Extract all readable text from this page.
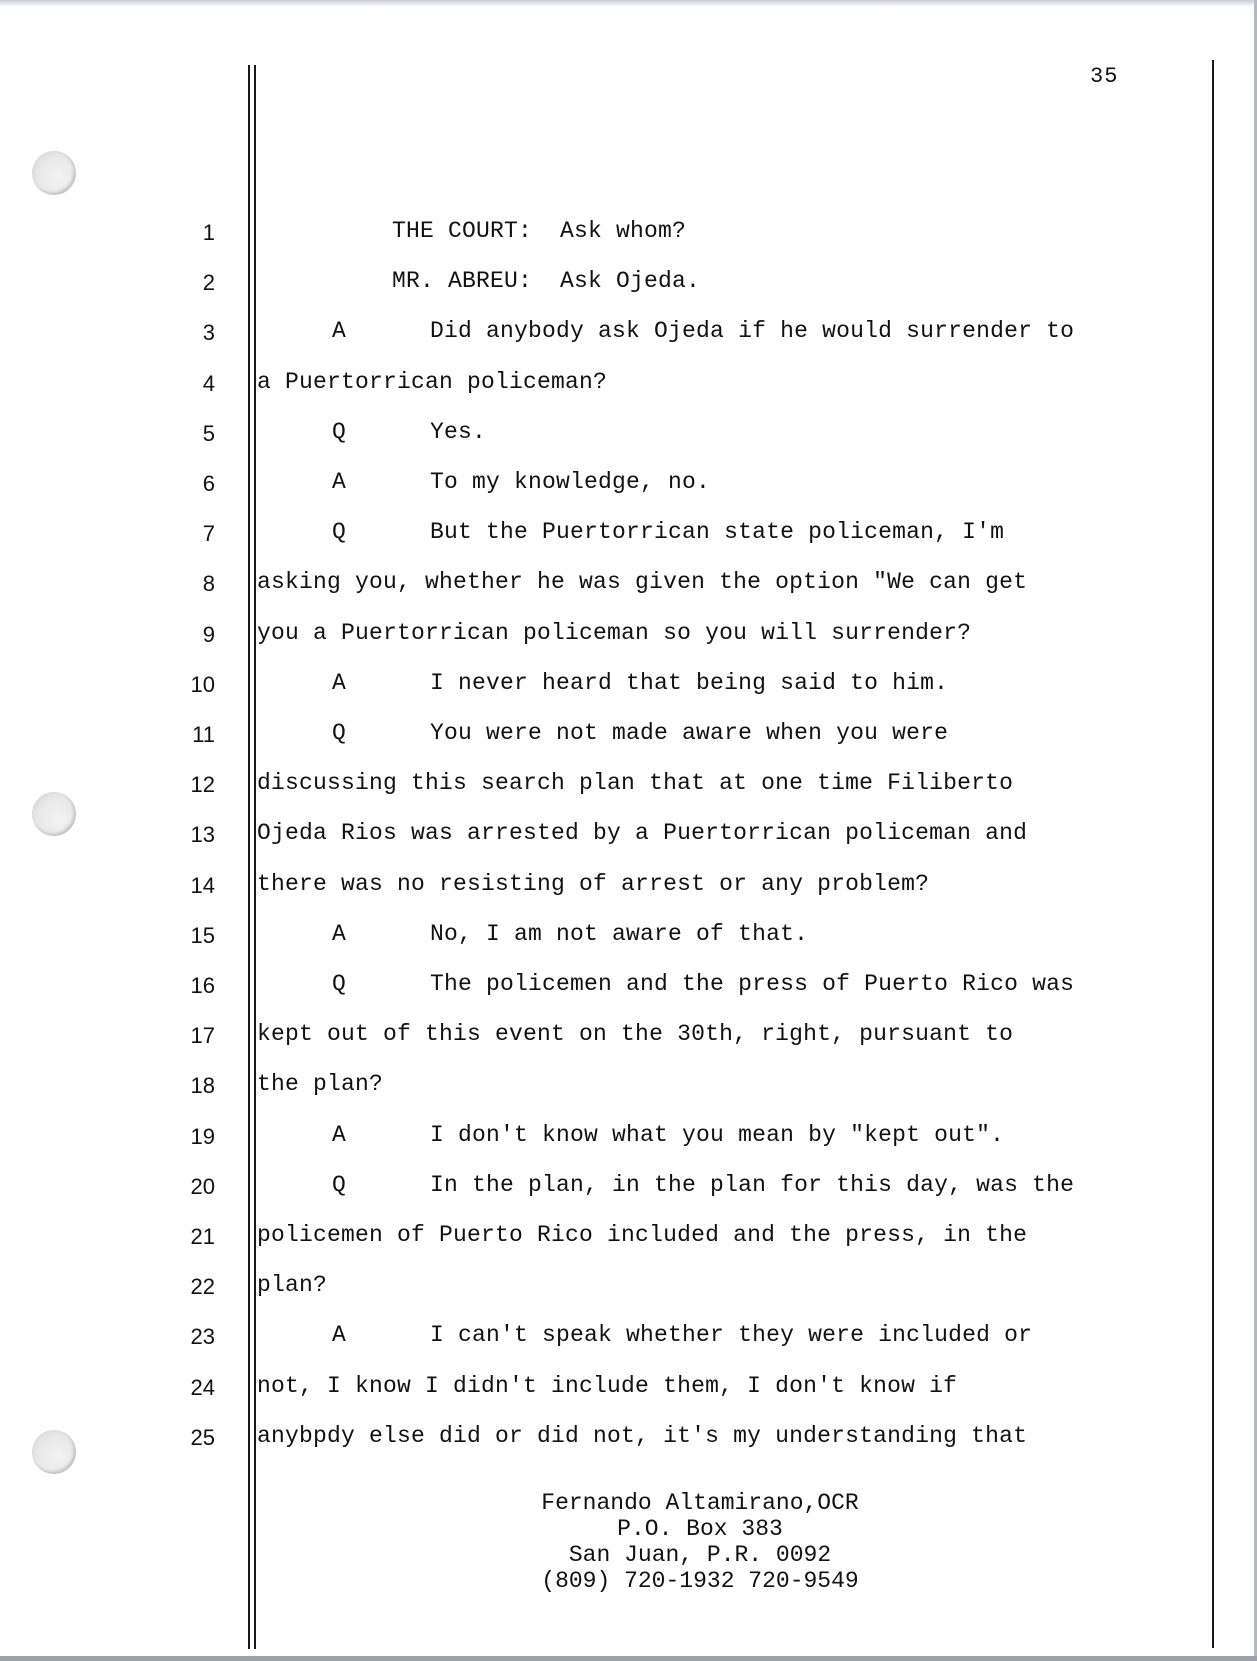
35
1	THE COURT:  Ask whom?
2	MR. ABREU:  Ask Ojeda.
3	A      Did anybody ask Ojeda if he would surrender to
4 a Puertorrican policeman?
5	Q      Yes.
6	A      To my knowledge, no.
7	Q      But the Puertorrican state policeman, I'm
8 asking you, whether he was given the option "We can get
9 you a Puertorrican policeman so you will surrender?
10	A      I never heard that being said to him.
11	Q      You were not made aware when you were
12 discussing this search plan that at one time Filiberto
13 Ojeda Rios was arrested by a Puertorrican policeman and
14 there was no resisting of arrest or any problem?
15	A      No, I am not aware of that.
16	Q      The policemen and the press of Puerto Rico was
17 kept out of this event on the 30th, right, pursuant to
18 the plan?
19	A      I don't know what you mean by "kept out".
20	Q      In the plan, in the plan for this day, was the
21 policemen of Puerto Rico included and the press, in the
22 plan?
23	A      I can't speak whether they were included or
24 not, I know I didn't include them, I don't know if
25 anybpdy else did or did not, it's my understanding that
Fernando Altamirano,OCR
P.O. Box 383
San Juan, P.R. 0092
(809) 720-1932 720-9549
